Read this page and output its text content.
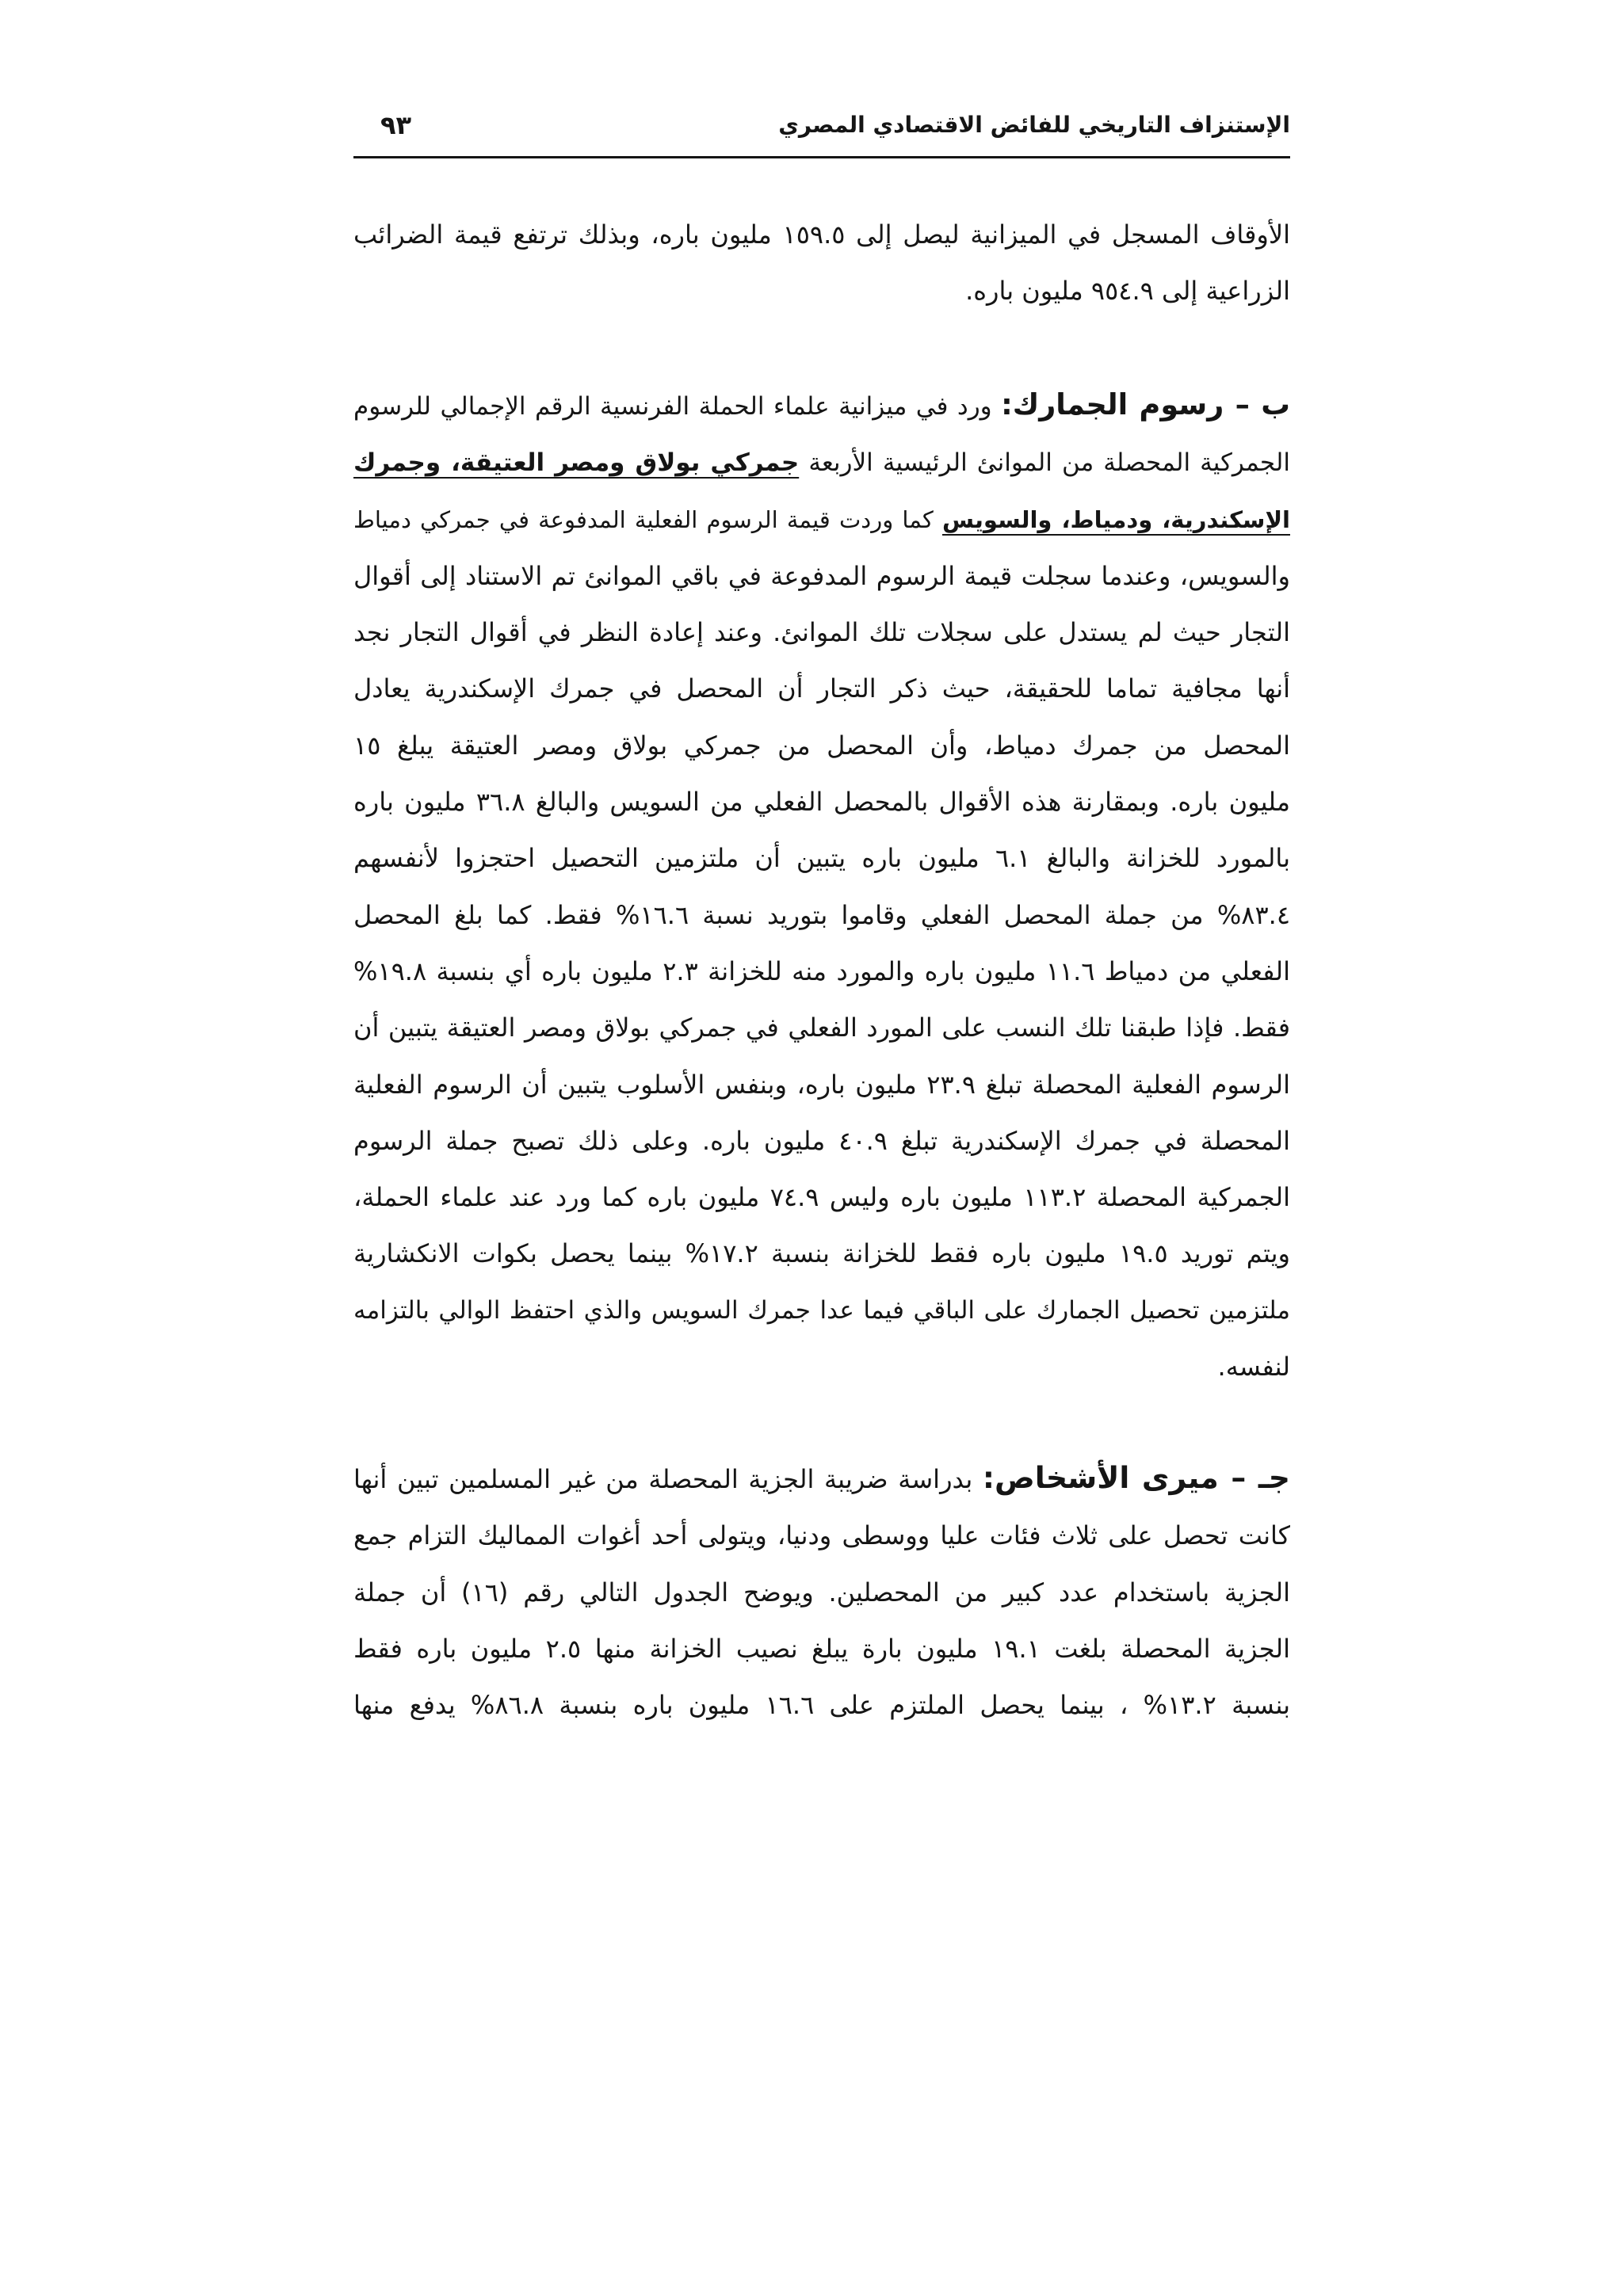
الإستنزاف التاريخي للفائض الاقتصادي المصري
٩٣
الأوقاف المسجل في الميزانية ليصل إلى ١٥٩.٥ مليون باره، وبذلك ترتفع قيمة الضرائب
الزراعية إلى ٩٥٤.٩ مليون باره.
ب – رسوم الجمارك: ورد في ميزانية علماء الحملة الفرنسية الرقم الإجمالي للرسوم
الجمركية المحصلة من الموانئ الرئيسية الأربعة جمركي بولاق ومصر العتيقة، وجمرك
الإسكندرية، ودمياط، والسويس كما وردت قيمة الرسوم الفعلية المدفوعة في جمركي دمياط
والسويس، وعندما سجلت قيمة الرسوم المدفوعة في باقي الموانئ تم الاستناد إلى أقوال
التجار حيث لم يستدل على سجلات تلك الموانئ. وعند إعادة النظر في أقوال التجار نجد
أنها مجافية تماما للحقيقة، حيث ذكر التجار أن المحصل في جمرك الإسكندرية يعادل
المحصل من جمرك دمياط، وأن المحصل من جمركي بولاق ومصر العتيقة يبلغ ١٥
مليون باره. وبمقارنة هذه الأقوال بالمحصل الفعلي من السويس والبالغ ٣٦.٨ مليون باره
بالمورد للخزانة والبالغ ٦.١ مليون باره يتبين أن ملتزمين التحصيل احتجزوا لأنفسهم
٨٣.٤% من جملة المحصل الفعلي وقاموا بتوريد نسبة ١٦.٦% فقط. كما بلغ المحصل
الفعلي من دمياط ١١.٦ مليون باره والمورد منه للخزانة ٢.٣ مليون باره أي بنسبة ١٩.٨%
فقط. فإذا طبقنا تلك النسب على المورد الفعلي في جمركي بولاق ومصر العتيقة يتبين أن
الرسوم الفعلية المحصلة تبلغ ٢٣.٩ مليون باره، وبنفس الأسلوب يتبين أن الرسوم الفعلية
المحصلة في جمرك الإسكندرية تبلغ ٤٠.٩ مليون باره. وعلى ذلك تصبح جملة الرسوم
الجمركية المحصلة ١١٣.٢ مليون باره وليس ٧٤.٩ مليون باره كما ورد عند علماء الحملة،
ويتم توريد ١٩.٥ مليون باره فقط للخزانة بنسبة ١٧.٢% بينما يحصل بكوات الانكشارية
ملتزمين تحصيل الجمارك على الباقي فيما عدا جمرك السويس والذي احتفظ الوالي بالتزامه
لنفسه.
جـ – ميرى الأشخاص: بدراسة ضريبة الجزية المحصلة من غير المسلمين تبين أنها
كانت تحصل على ثلاث فئات عليا ووسطى ودنيا، ويتولى أحد أغوات المماليك التزام جمع
الجزية باستخدام عدد كبير من المحصلين. ويوضح الجدول التالي رقم (١٦) أن جملة
الجزية المحصلة بلغت ١٩.١ مليون بارة يبلغ نصيب الخزانة منها ٢.٥ مليون باره فقط
بنسبة ١٣.٢% ، بينما يحصل الملتزم على ١٦.٦ مليون باره بنسبة ٨٦.٨% يدفع منها
